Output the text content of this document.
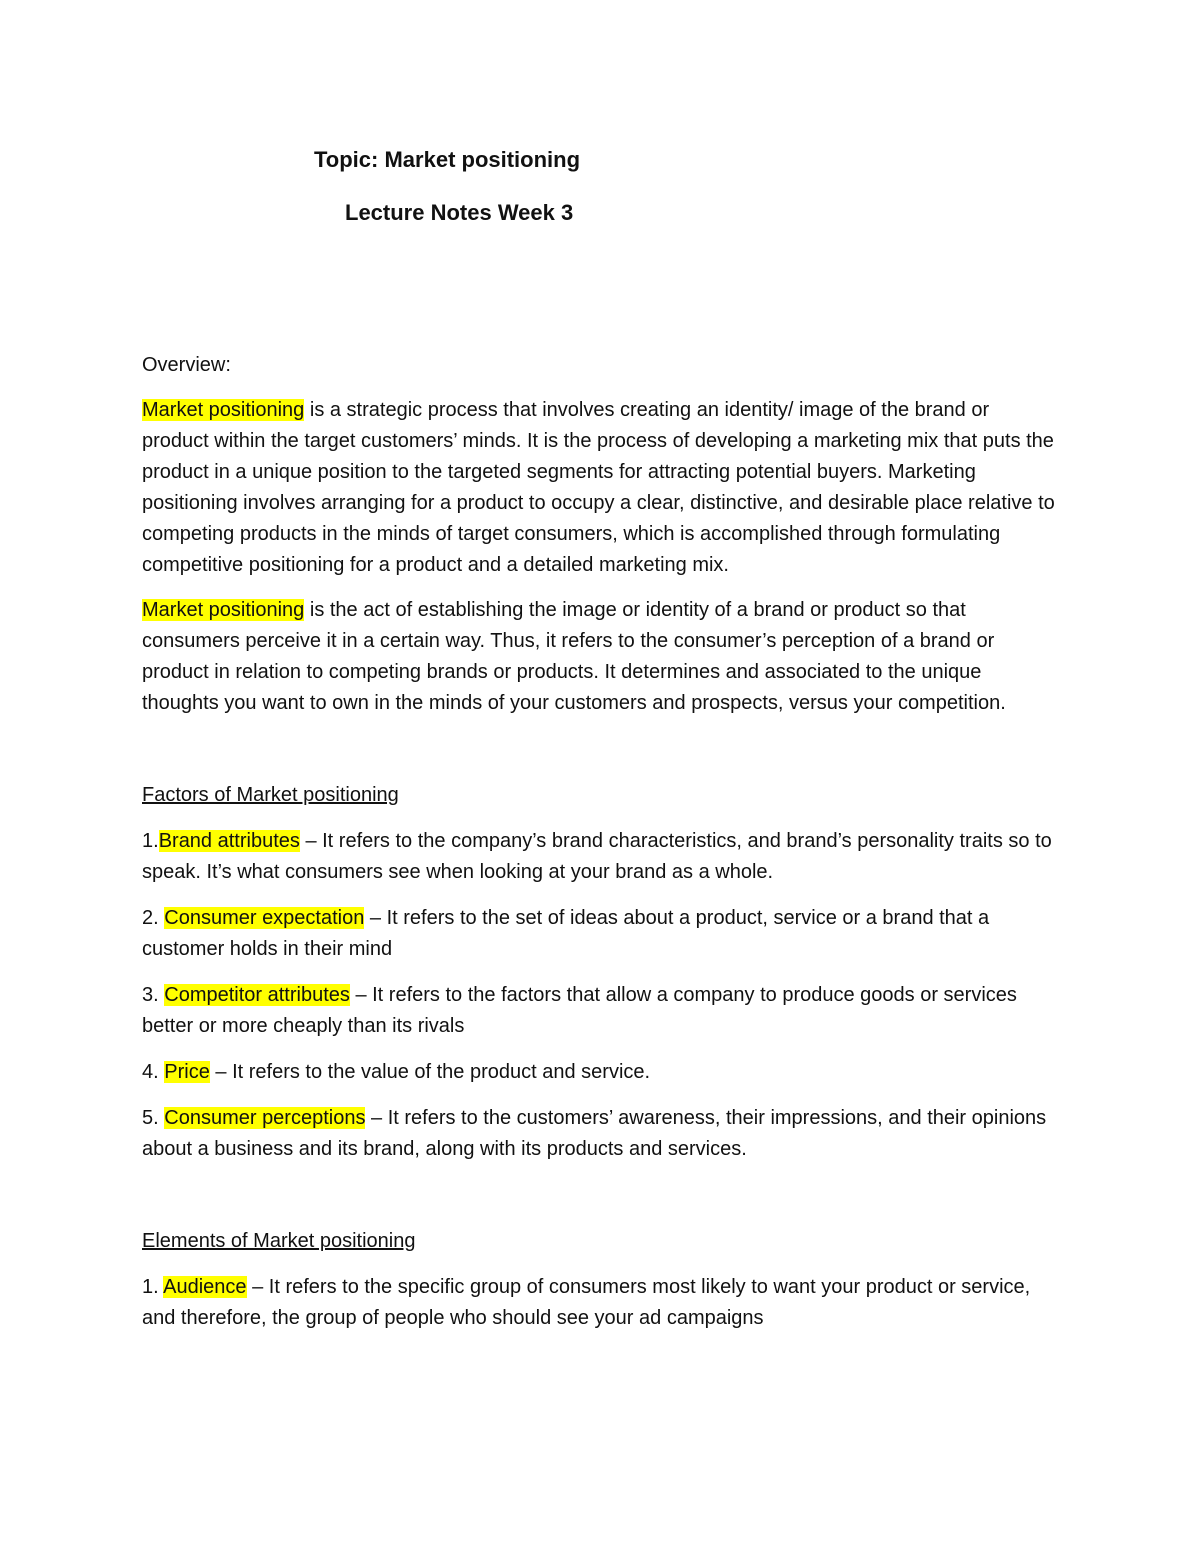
Topic: Market positioning
Lecture Notes Week 3

Overview:

Market positioning is a strategic process that involves creating an identity/ image of the brand or product within the target customers’ minds. It is the process of developing a marketing mix that puts the product in a unique position to the targeted segments for attracting potential buyers. Marketing positioning involves arranging for a product to occupy a clear, distinctive, and desirable place relative to competing products in the minds of target consumers, which is accomplished through formulating competitive positioning for a product and a detailed marketing mix.

Market positioning is the act of establishing the image or identity of a brand or product so that consumers perceive it in a certain way. Thus, it refers to the consumer’s perception of a brand or product in relation to competing brands or products. It determines and associated to the unique thoughts you want to own in the minds of your customers and prospects, versus your competition.

Factors of Market positioning

1.Brand attributes – It refers to the company’s brand characteristics, and brand’s personality traits so to speak. It’s what consumers see when looking at your brand as a whole.

2. Consumer expectation – It refers to the set of ideas about a product, service or a brand that a customer holds in their mind

3. Competitor attributes – It refers to the factors that allow a company to produce goods or services better or more cheaply than its rivals

4. Price – It refers to the value of the product and service.

5. Consumer perceptions – It refers to the customers’ awareness, their impressions, and their opinions about a business and its brand, along with its products and services.

Elements of Market positioning

1. Audience – It refers to the specific group of consumers most likely to want your product or service, and therefore, the group of people who should see your ad campaigns
